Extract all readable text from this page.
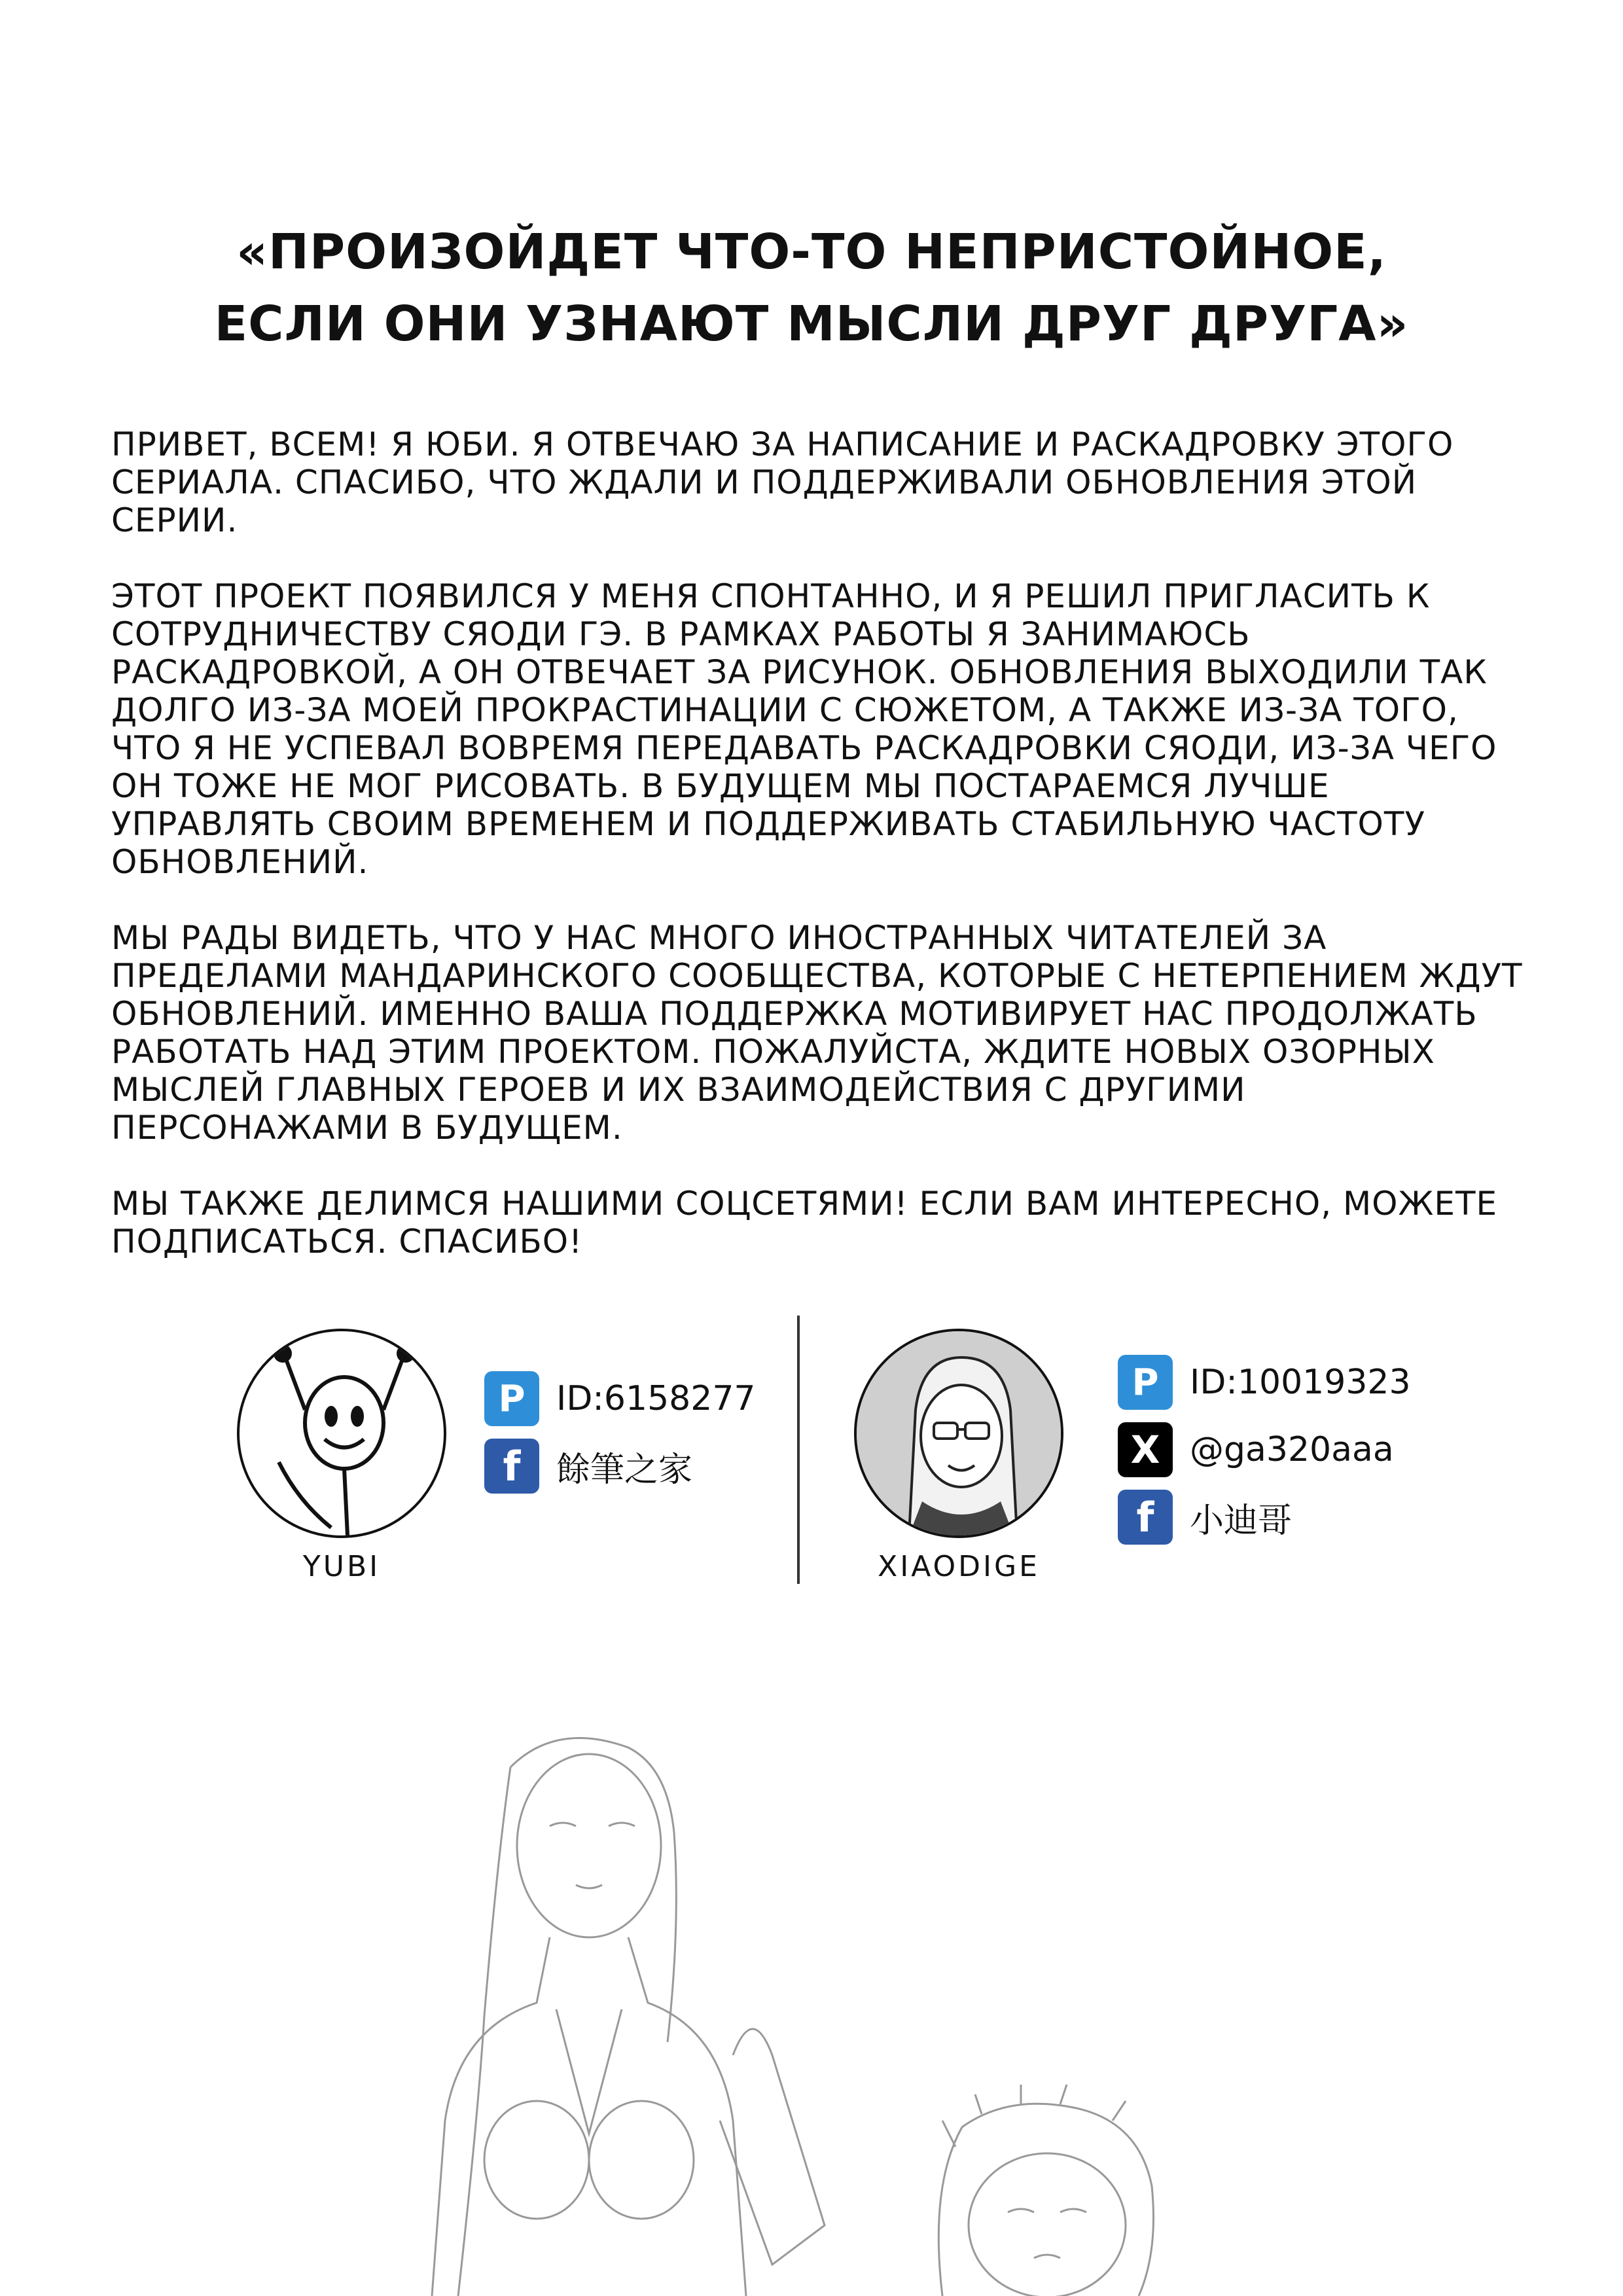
«ПРОИЗОЙДЕТ ЧТО-ТО НЕПРИСТОЙНОЕ,
ЕСЛИ ОНИ УЗНАЮТ МЫСЛИ ДРУГ ДРУГА»

ПРИВЕТ, ВСЕМ! Я ЮБИ. Я ОТВЕЧАЮ ЗА НАПИСАНИЕ И РАСКАДРОВКУ ЭТОГО СЕРИАЛА. СПАСИБО, ЧТО ЖДАЛИ И ПОДДЕРЖИВАЛИ ОБНОВЛЕНИЯ ЭТОЙ СЕРИИ.

ЭТОТ ПРОЕКТ ПОЯВИЛСЯ У МЕНЯ СПОНТАННО, И Я РЕШИЛ ПРИГЛАСИТЬ К СОТРУДНИЧЕСТВУ СЯОДИ ГЭ. В РАМКАХ РАБОТЫ Я ЗАНИМАЮСЬ РАСКАДРОВКОЙ, А ОН ОТВЕЧАЕТ ЗА РИСУНОК. ОБНОВЛЕНИЯ ВЫХОДИЛИ ТАК ДОЛГО ИЗ-ЗА МОЕЙ ПРОКРАСТИНАЦИИ С СЮЖЕТОМ, А ТАКЖЕ ИЗ-ЗА ТОГО, ЧТО Я НЕ УСПЕВАЛ ВОВРЕМЯ ПЕРЕДАВАТЬ РАСКАДРОВКИ СЯОДИ, ИЗ-ЗА ЧЕГО ОН ТОЖЕ НЕ МОГ РИСОВАТЬ. В БУДУЩЕМ МЫ ПОСТАРАЕМСЯ ЛУЧШЕ УПРАВЛЯТЬ СВОИМ ВРЕМЕНЕМ И ПОДДЕРЖИВАТЬ СТАБИЛЬНУЮ ЧАСТОТУ ОБНОВЛЕНИЙ.

МЫ РАДЫ ВИДЕТЬ, ЧТО У НАС МНОГО ИНОСТРАННЫХ ЧИТАТЕЛЕЙ ЗА ПРЕДЕЛАМИ МАНДАРИНСКОГО СООБЩЕСТВА, КОТОРЫЕ С НЕТЕРПЕНИЕМ ЖДУТ ОБНОВЛЕНИЙ. ИМЕННО ВАША ПОДДЕРЖКА МОТИВИРУЕТ НАС ПРОДОЛЖАТЬ РАБОТАТЬ НАД ЭТИМ ПРОЕКТОМ. ПОЖАЛУЙСТА, ЖДИТЕ НОВЫХ ОЗОРНЫХ МЫСЛЕЙ ГЛАВНЫХ ГЕРОЕВ И ИХ ВЗАИМОДЕЙСТВИЯ С ДРУГИМИ ПЕРСОНАЖАМИ В БУДУЩЕМ.

МЫ ТАКЖЕ ДЕЛИМСЯ НАШИМИ СОЦСЕТЯМИ! ЕСЛИ ВАМ ИНТЕРЕСНО, МОЖЕТЕ ПОДПИСАТЬСЯ. СПАСИБО!

YUBI
P ID:6158277
f	餘筆之家
XIAODIGE
P ID:10019323
X @ga320aaa
f	小迪哥
